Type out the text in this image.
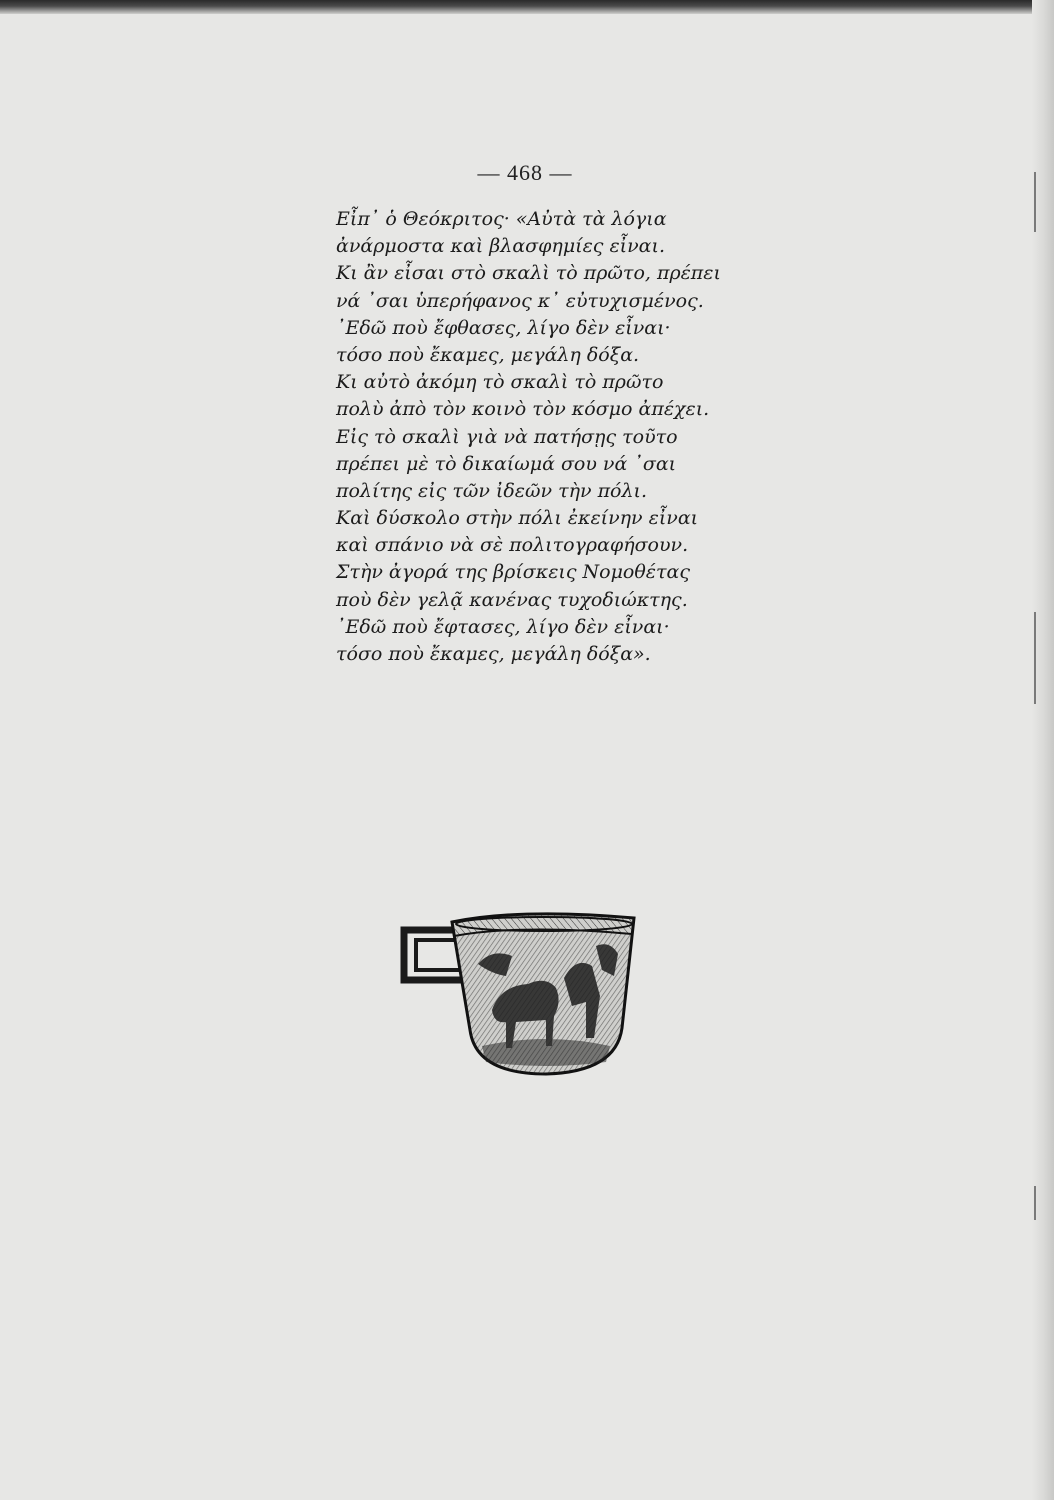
— 468 —
Εἶπ᾽ ὁ Θεόκριτος· «Αὐτὰ τὰ λόγια
ἀνάρμοστα καὶ βλασφημίες εἶναι.
Κι ἂν εἶσαι στὸ σκαλὶ τὸ πρῶτο, πρέπει
νά ᾽σαι ὑπερήφανος κ᾽ εὐτυχισμένος.
᾽Εδῶ ποὺ ἔφθασες, λίγο δὲν εἶναι·
τόσο ποὺ ἔκαμες, μεγάλη δόξα.
Κι αὐτὸ ἀκόμη τὸ σκαλὶ τὸ πρῶτο
πολὺ ἀπὸ τὸν κοινὸ τὸν κόσμο ἀπέχει.
Εἰς τὸ σκαλὶ γιὰ νὰ πατήσῃς τοῦτο
πρέπει μὲ τὸ δικαίωμά σου νά ᾽σαι
πολίτης εἰς τῶν ἰδεῶν τὴν πόλι.
Καὶ δύσκολο στὴν πόλι ἐκείνην εἶναι
καὶ σπάνιο νὰ σὲ πολιτογραφήσουν.
Στὴν ἀγορά της βρίσκεις Νομοθέτας
ποὺ δὲν γελᾷ κανένας τυχοδιώκτης.
᾽Εδῶ ποὺ ἔφτασες, λίγο δὲν εἶναι·
τόσο ποὺ ἔκαμες, μεγάλη δόξα».
